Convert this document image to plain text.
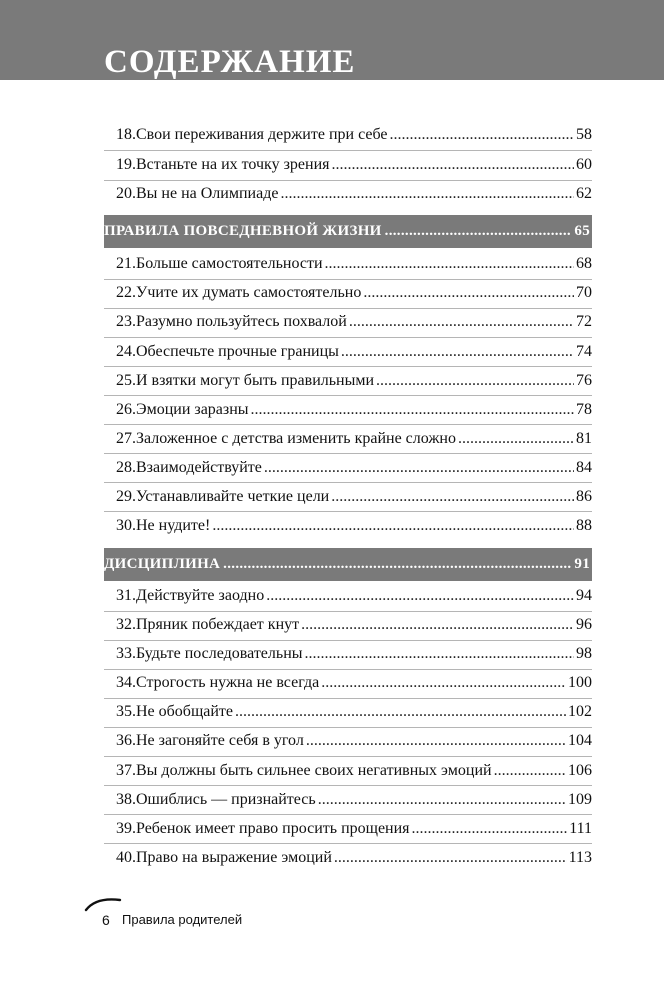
СОДЕРЖАНИЕ
18. Свои переживания держите при себе .....	58
19. Встаньте на их точку зрения .....	60
20. Вы не на Олимпиаде .....	62
ПРАВИЛА ПОВСЕДНЕВНОЙ ЖИЗНИ .....	65
21. Больше самостоятельности .....	68
22. Учите их думать самостоятельно .....	70
23. Разумно пользуйтесь похвалой .....	72
24. Обеспечьте прочные границы .....	74
25. И взятки могут быть правильными .....	76
26. Эмоции заразны .....	78
27. Заложенное с детства изменить крайне сложно .....	81
28. Взаимодействуйте .....	84
29. Устанавливайте четкие цели .....	86
30. Не нудите! .....	88
ДИСЦИПЛИНА .....	91
31. Действуйте заодно .....	94
32. Пряник побеждает кнут .....	96
33. Будьте последовательны .....	98
34. Строгость нужна не всегда .....	100
35. Не обобщайте .....	102
36. Не загоняйте себя в угол .....	104
37. Вы должны быть сильнее своих негативных эмоций .....	106
38. Ошиблись — признайтесь .....	109
39. Ребенок имеет право просить прощения .....	111
40. Право на выражение эмоций .....	113
6 Правила родителей
